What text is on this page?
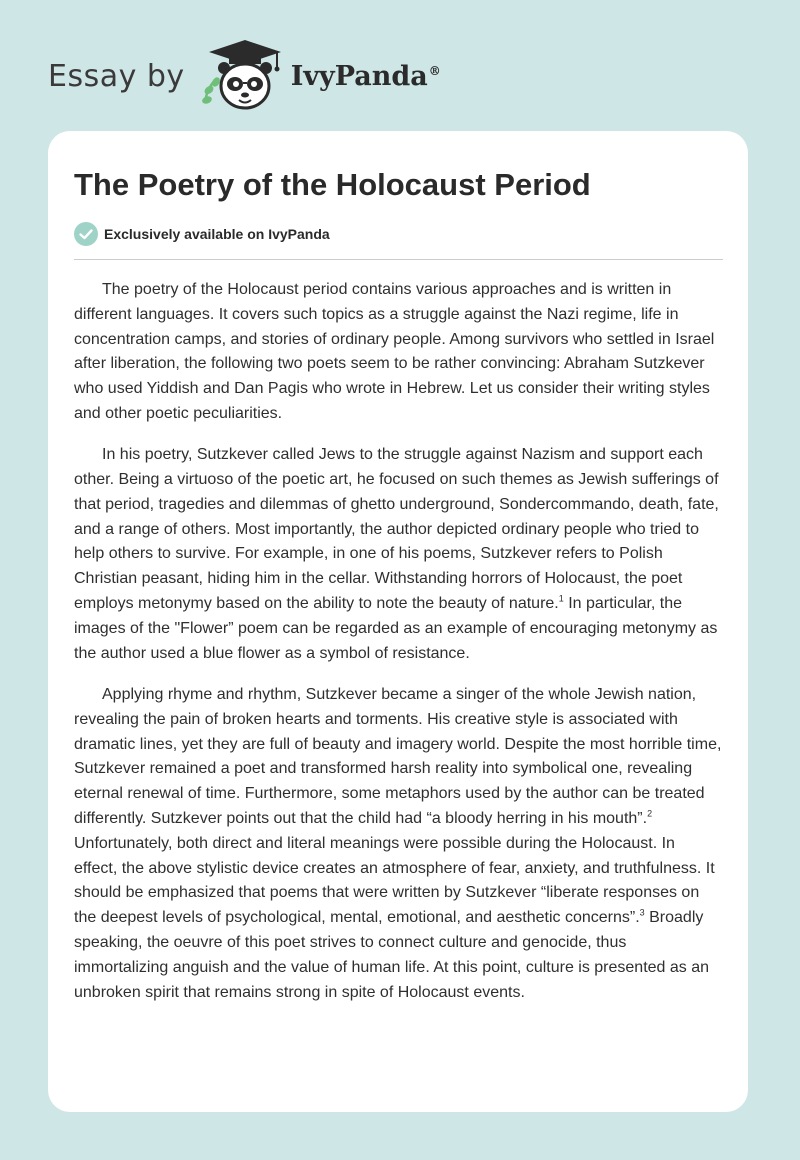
Essay by	IvyPanda®
The Poetry of the Holocaust Period
Exclusively available on IvyPanda

The poetry of the Holocaust period contains various approaches and is written in different languages. It covers such topics as a struggle against the Nazi regime, life in concentration camps, and stories of ordinary people. Among survivors who settled in Israel after liberation, the following two poets seem to be rather convincing: Abraham Sutzkever who used Yiddish and Dan Pagis who wrote in Hebrew. Let us consider their writing styles and other poetic peculiarities.

In his poetry, Sutzkever called Jews to the struggle against Nazism and support each other. Being a virtuoso of the poetic art, he focused on such themes as Jewish sufferings of that period, tragedies and dilemmas of ghetto underground, Sondercommando, death, fate, and a range of others. Most importantly, the author depicted ordinary people who tried to help others to survive. For example, in one of his poems, Sutzkever refers to Polish Christian peasant, hiding him in the cellar. Withstanding horrors of Holocaust, the poet employs metonymy based on the ability to note the beauty of nature.$^1$ In particular, the images of the "Flower” poem can be regarded as an example of encouraging metonymy as the author used a blue flower as a symbol of resistance.

Applying rhyme and rhythm, Sutzkever became a singer of the whole Jewish nation, revealing the pain of broken hearts and torments. His creative style is associated with dramatic lines, yet they are full of beauty and imagery world. Despite the most horrible time, Sutzkever remained a poet and transformed harsh reality into symbolical one, revealing eternal renewal of time. Furthermore, some metaphors used by the author can be treated differently. Sutzkever points out that the child had “a bloody herring in his mouth”.$^2$ Unfortunately, both direct and literal meanings were possible during the Holocaust. In effect, the above stylistic device creates an atmosphere of fear, anxiety, and truthfulness. It should be emphasized that poems that were written by Sutzkever “liberate responses on the deepest levels of psychological, mental, emotional, and aesthetic concerns”.$^3$ Broadly speaking, the oeuvre of this poet strives to connect culture and genocide, thus immortalizing anguish and the value of human life. At this point, culture is presented as an unbroken spirit that remains strong in spite of Holocaust events.
